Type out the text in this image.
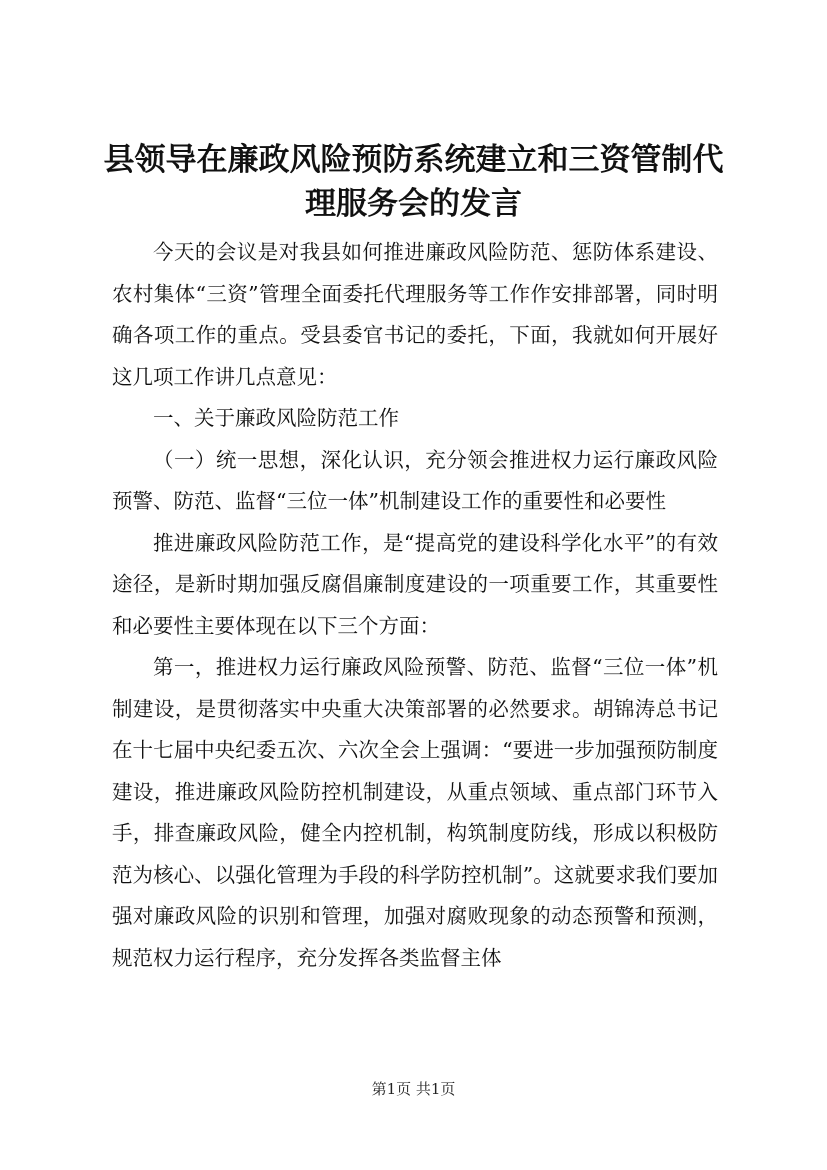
县领导在廉政风险预防系统建立和三资管制代
理服务会的发言

今天的会议是对我县如何推进廉政风险防范、惩防体系建设、农村集体“三资”管理全面委托代理服务等工作作安排部署，同时明确各项工作的重点。受县委官书记的委托，下面，我就如何开展好这几项工作讲几点意见：

一、关于廉政风险防范工作

（一）统一思想，深化认识，充分领会推进权力运行廉政风险预警、防范、监督“三位一体”机制建设工作的重要性和必要性

推进廉政风险防范工作，是“提高党的建设科学化水平”的有效途径，是新时期加强反腐倡廉制度建设的一项重要工作，其重要性和必要性主要体现在以下三个方面：

第一，推进权力运行廉政风险预警、防范、监督“三位一体”机制建设，是贯彻落实中央重大决策部署的必然要求。胡锦涛总书记在十七届中央纪委五次、六次全会上强调：“要进一步加强预防制度建设，推进廉政风险防控机制建设，从重点领域、重点部门环节入手，排查廉政风险，健全内控机制，构筑制度防线，形成以积极防范为核心、以强化管理为手段的科学防控机制”。这就要求我们要加强对廉政风险的识别和管理，加强对腐败现象的动态预警和预测，规范权力运行程序，充分发挥各类监督主体

第1页 共1页
